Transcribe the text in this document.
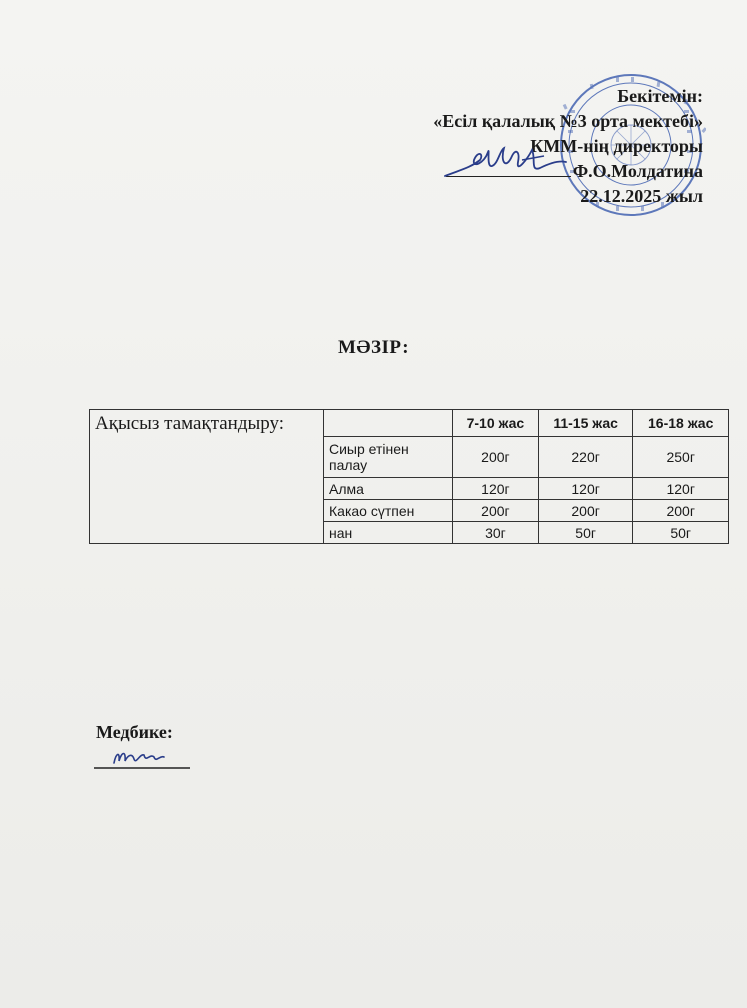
Бекітемін:
«Есіл қалалық №3 орта мектебі»
КММ-нің директоры
Ф.О.Молдатина
22.12.2025 жыл
МӘЗІР:
Ақысыз тамақтандыру:		7-10 жас	11-15 жас	16-18 жас
	Сиыр етінен палау	200г	220г	250г
	Алма	120г	120г	120г
	Какао сүтпен	200г	200г	200г
	нан	30г	50г	50г
Медбике:
